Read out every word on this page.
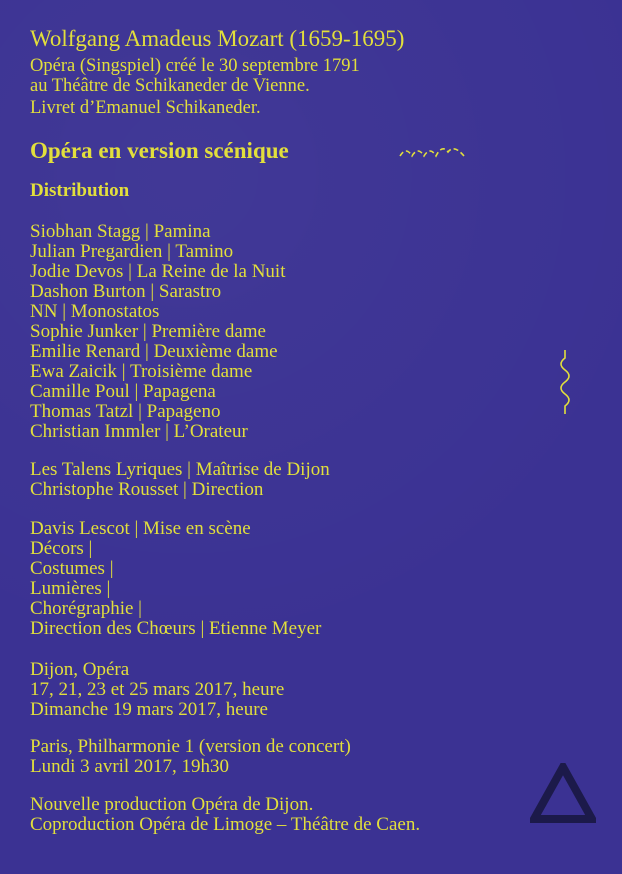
Wolfgang Amadeus Mozart (1659-1695)

Opéra (Singspiel) créé le 30 septembre 1791

au Théâtre de Schikaneder de Vienne.

Livret d’Emanuel Schikaneder.

Opéra en version scénique

Distribution

Siobhan Stagg | Pamina
Julian Pregardien | Tamino
Jodie Devos | La Reine de la Nuit
Dashon Burton | Sarastro
NN | Monostatos
Sophie Junker | Première dame
Emilie Renard | Deuxième dame
Ewa Zaicik | Troisième dame
Camille Poul | Papagena
Thomas Tatzl | Papageno
Christian Immler | L’Orateur
Les Talens Lyriques | Maîtrise de Dijon
Christophe Rousset | Direction
Davis Lescot | Mise en scène
Décors |
Costumes |
Lumières |
Chorégraphie |
Direction des Chœurs | Etienne Meyer
Dijon, Opéra
17, 21, 23 et 25 mars 2017, heure
Dimanche 19 mars 2017, heure
Paris, Philharmonie 1 (version de concert)
Lundi 3 avril 2017, 19h30
Nouvelle production Opéra de Dijon.
Coproduction Opéra de Limoge – Théâtre de Caen.
